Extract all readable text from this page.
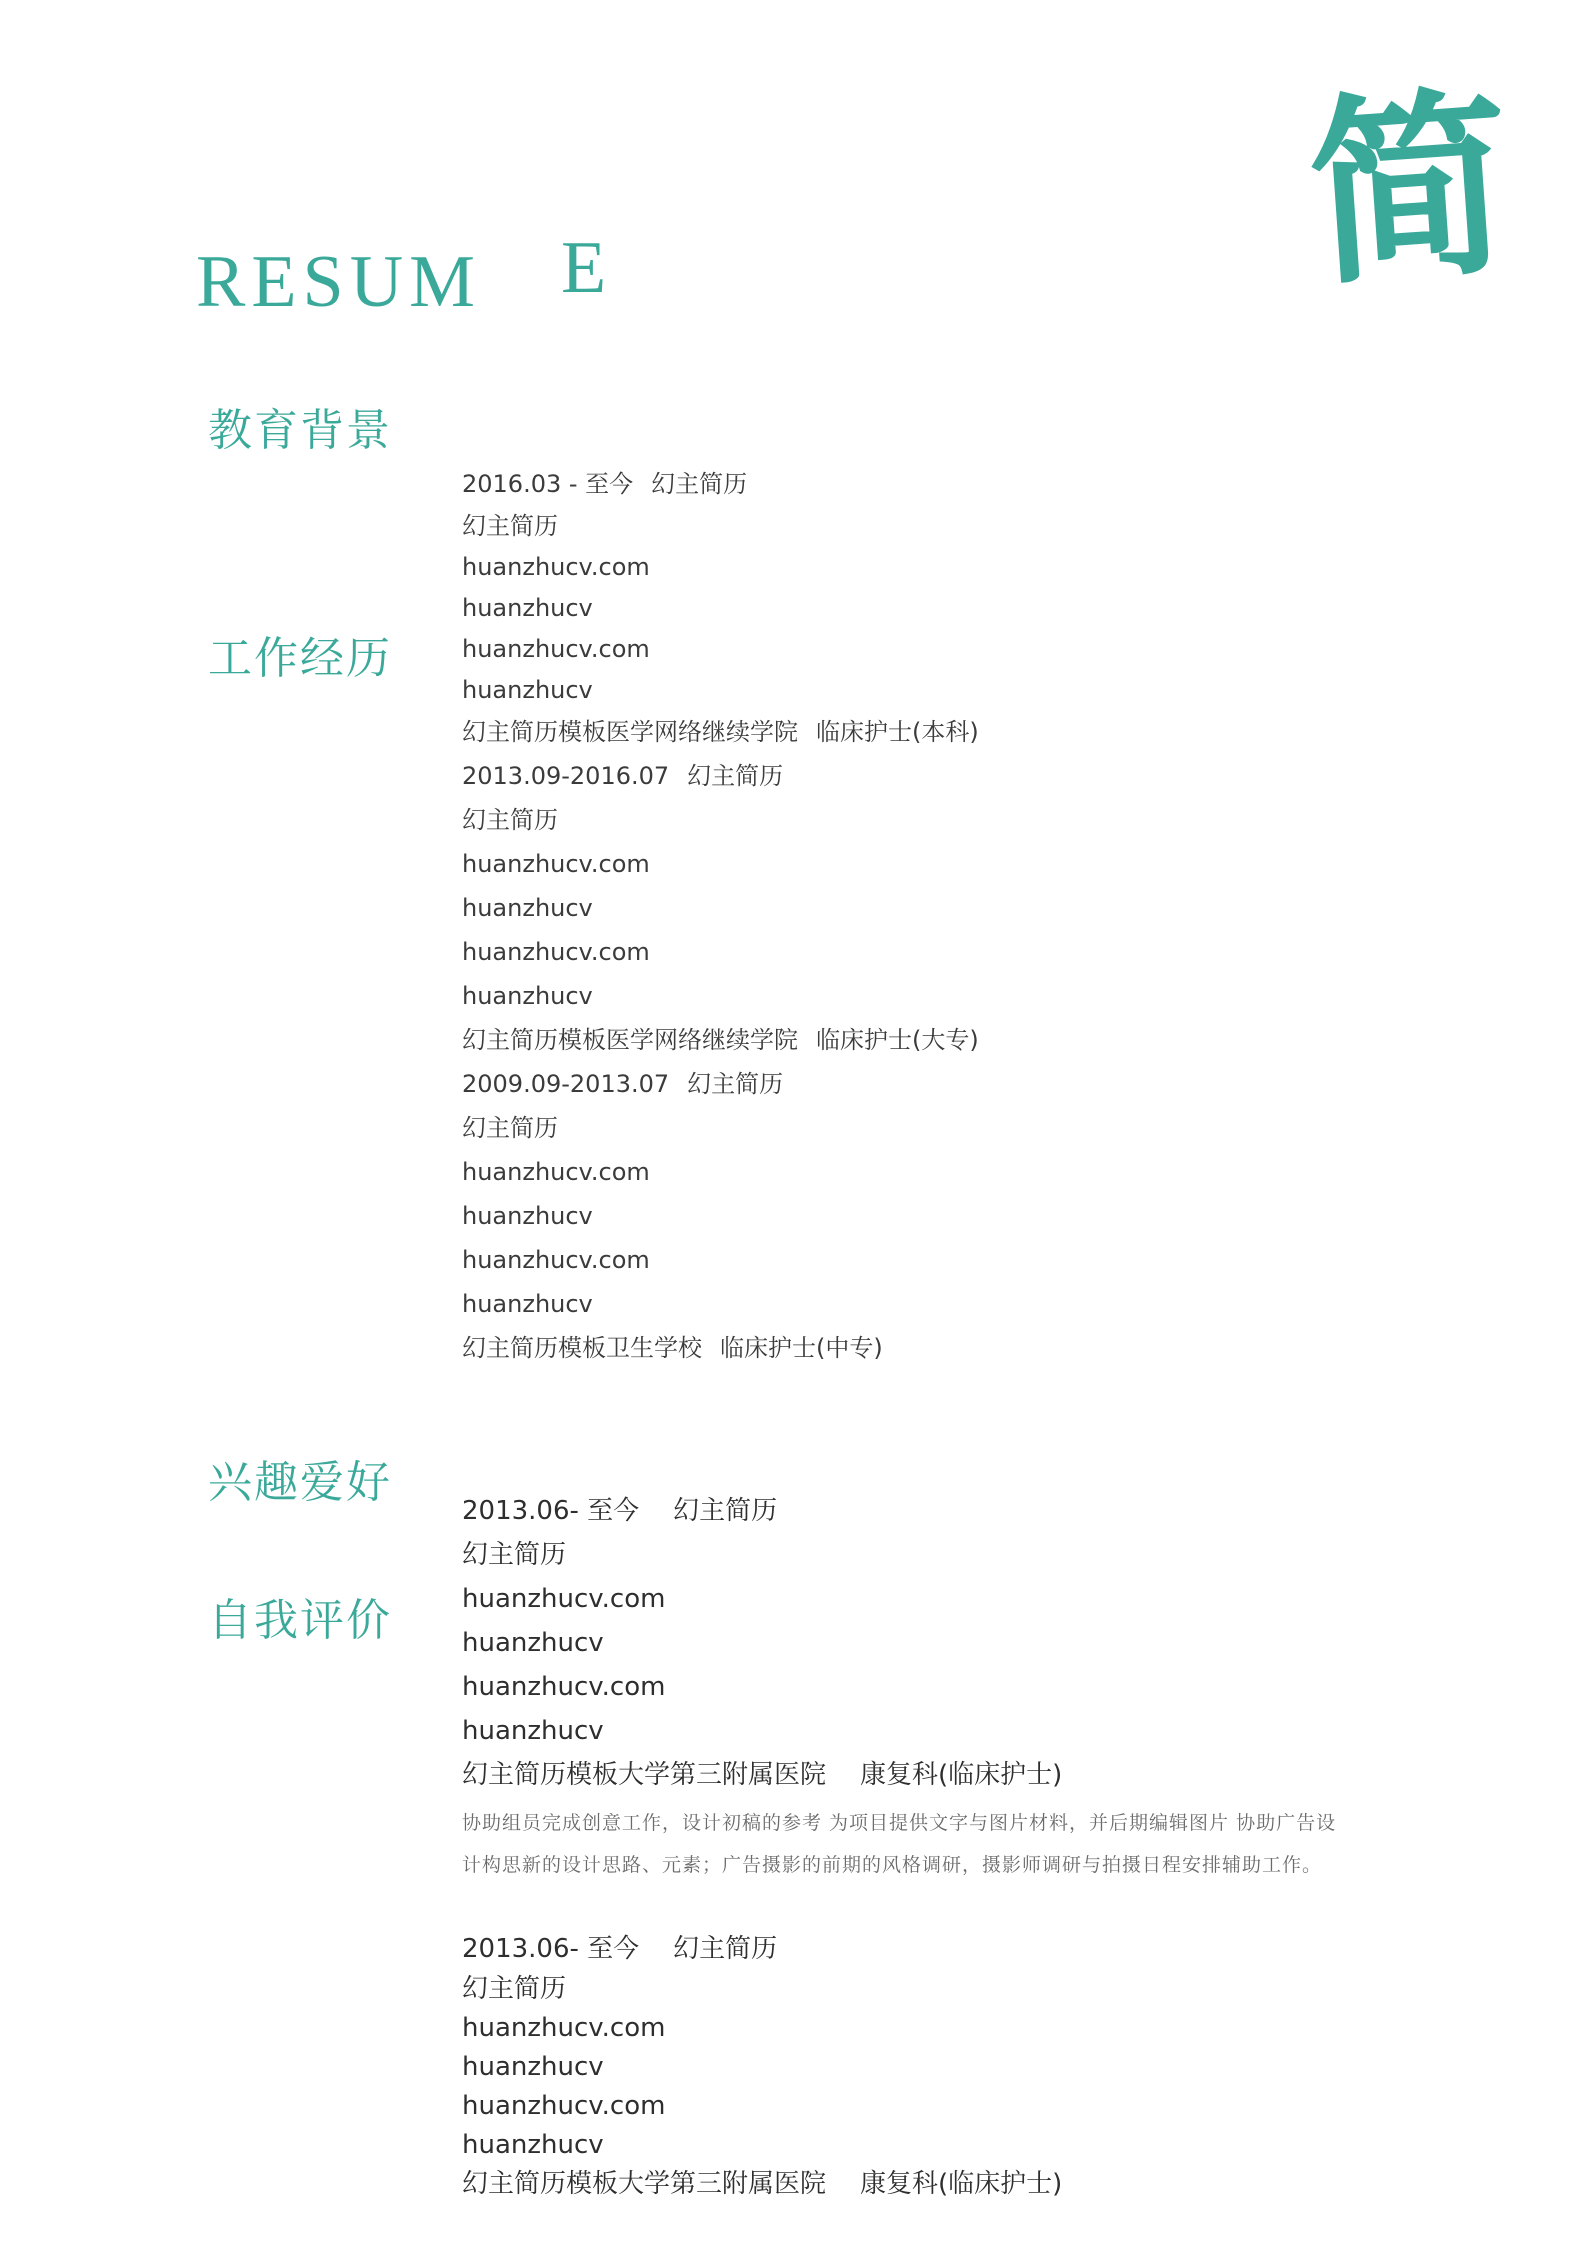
简
RESUM E
教育背景
工作经历
兴趣爱好
自我评价
2016.03 - 至今 幻主简历
幻主简历
huanzhucv.com
huanzhucv
huanzhucv.com
huanzhucv
幻主简历模板医学网络继续学院 临床护士(本科)
2013.09-2016.07 幻主简历
幻主简历
huanzhucv.com
huanzhucv
huanzhucv.com
huanzhucv
幻主简历模板医学网络继续学院 临床护士(大专)
2009.09-2013.07 幻主简历
幻主简历
huanzhucv.com
huanzhucv
huanzhucv.com
huanzhucv
幻主简历模板卫生学校 临床护士(中专)
2013.06- 至今 幻主简历
幻主简历
huanzhucv.com
huanzhucv
huanzhucv.com
huanzhucv
幻主简历模板大学第三附属医院 康复科(临床护士)
协助组员完成创意工作，设计初稿的参考 为项目提供文字与图片材料，并后期编辑图片 协助广告设计构思新的设计思路、元素；广告摄影的前期的风格调研，摄影师调研与拍摄日程安排辅助工作。
2013.06- 至今 幻主简历
幻主简历
huanzhucv.com
huanzhucv
huanzhucv.com
huanzhucv
幻主简历模板大学第三附属医院 康复科(临床护士)
